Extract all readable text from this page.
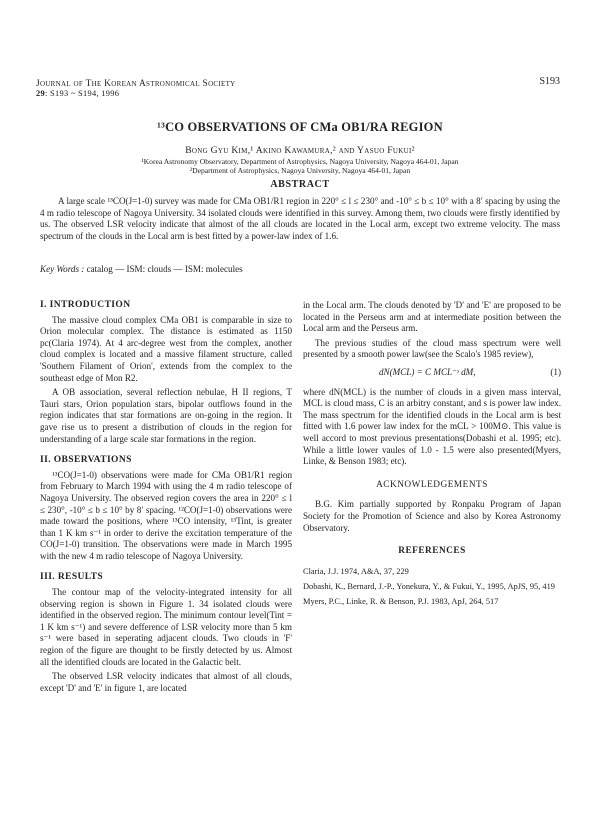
Journal of The Korean Astronomical Society
29: S193 ~ S194, 1996
S193
¹³CO OBSERVATIONS OF CMa OB1/RA REGION
Bong Gyu Kim,¹ Akino Kawamura,² and Yasuo Fukui²
¹Korea Astronomy Observatory, Department of Astrophysics, Nagoya University, Nagoya 464-01, Japan
²Department of Astrophysics, Nagoya University, Nagoya 464-01, Japan
ABSTRACT

A large scale ¹³CO(J=1-0) survey was made for CMa OB1/R1 region in 220° ≤ l ≤ 230° and -10° ≤ b ≤ 10° with a 8′ spacing by using the 4 m radio telescope of Nagoya University. 34 isolated clouds were identified in this survey. Among them, two clouds were firstly identified by us. The observed LSR velocity indicate that almost of the all clouds are located in the Local arm, except two extreme velocity. The mass spectrum of the clouds in the Local arm is best fitted by a power-law index of 1.6.

Key Words : catalog — ISM: clouds — ISM: molecules

I. INTRODUCTION

The massive cloud complex CMa OB1 is comparable in size to Orion molecular complex. The distance is estimated as 1150 pc(Claria 1974). At 4 arc-degree west from the complex, another cloud complex is located and a massive filament structure, called 'Southern Filament of Orion', extends from the complex to the southeast edge of Mon R2.

A OB association, several reflection nebulae, H II regions, T Tauri stars, Orion population stars, bipolar outflows found in the region indicates that star formations are on-going in the region. It gave rise us to present a distribution of clouds in the region for understanding of a large scale star formations in the region.

II. OBSERVATIONS

¹³CO(J=1-0) observations were made for CMa OB1/R1 region from February to March 1994 with using the 4 m radio telescope of Nagoya University. The observed region covers the area in 220° ≤ l ≤ 230°, -10° ≤ b ≤ 10° by 8′ spacing. ¹²CO(J=1-0) observations were made toward the positions, where ¹³CO intensity, ¹³Tint, is greater than 1 K km s⁻¹ in order to derive the excitation temperature of the CO(J=1-0) transition. The observations were made in March 1995 with the new 4 m radio telescope of Nagoya University.

III. RESULTS

The contour map of the velocity-integrated intensity for all observing region is shown in Figure 1. 34 isolated clouds were identified in the observed region. The minimum contour level(Tint = 1 K km s⁻¹) and severe defference of LSR velocity more than 5 km s⁻¹ were based in seperating adjacent clouds. Two clouds in 'F' region of the figure are thought to be firstly detected by us. Almost all the identified clouds are located in the Galactic belt.

The observed LSR velocity indicates that almost of all clouds, except 'D' and 'E' in figure 1, are located

in the Local arm. The clouds denoted by 'D' and 'E' are proposed to be located in the Perseus arm and at intermediate position between the Local arm and the Perseus arm.

The previous studies of the cloud mass spectrum were well presented by a smooth power law(see the Scalo's 1985 review),

dN(MCL) = C MCL⁻ˢ dM,	(1)

where dN(MCL) is the number of clouds in a given mass interval, MCL is cloud mass, C is an arbitry constant, and s is power law index. The mass spectrum for the identified clouds in the Local arm is best fitted with 1.6 power law index for the mCL > 100M⊙. This value is well accord to most previous presentations(Dobashi et al. 1995; etc). While a little lower vaules of 1.0 - 1.5 were also presented(Myers, Linke, & Benson 1983; etc).

ACKNOWLEDGEMENTS

B.G. Kim partially supported by Ronpaku Program of Japan Society for the Promotion of Science and also by Korea Astronomy Observatory.

REFERENCES

Claria, J.J. 1974, A&A, 37, 229

Dobashi, K., Bernard, J.-P., Yonekura, Y., & Fukui, Y., 1995, ApJS, 95, 419

Myers, P.C., Linke, R. & Benson, P.J. 1983, ApJ, 264, 517
